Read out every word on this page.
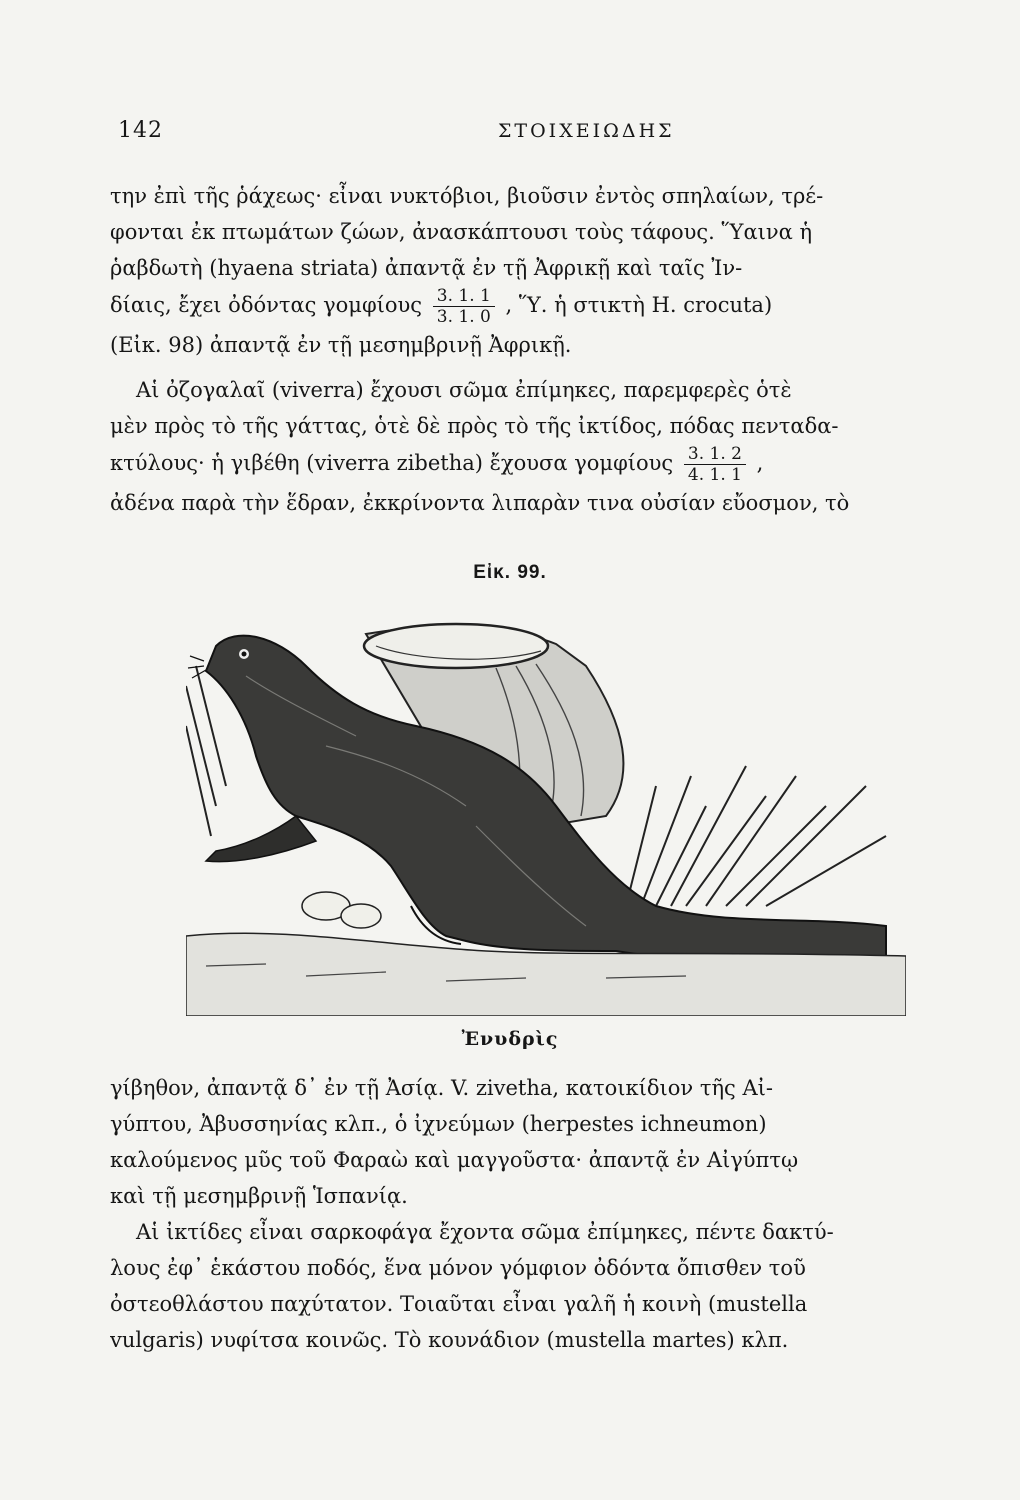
142	ΣΤΟΙΧΕΙΩΔΗΣ
την ἐπὶ τῆς ῥάχεως· εἶναι νυκτόβιοι, βιοῦσιν ἐντὸς σπηλαίων, τρέ-
φονται ἐκ πτωμάτων ζώων, ἀνασκάπτουσι τοὺς τάφους. Ὕαινα ἡ
ῥαβδωτὴ (hyaena striata) ἀπαντᾷ ἐν τῇ Ἀφρικῇ καὶ ταῖς Ἰν-
δίαις, ἔχει ὀδόντας γομφίους $\frac{3. 1. 1}{3. 1. 0}$ , Ὕ. ἡ στικτὴ Η. crocuta)
(Εἰκ. 98) ἀπαντᾷ ἐν τῇ μεσημβρινῇ Ἀφρικῇ.
Αἱ ὀζογαλαῖ (viverra) ἔχουσι σῶμα ἐπίμηκες, παρεμφερὲς ὁτὲ
μὲν πρὸς τὸ τῆς γάττας, ὁτὲ δὲ πρὸς τὸ τῆς ἰκτίδος, πόδας πενταδα-
κτύλους· ἡ γιβέθη (viverra zibetha) ἔχουσα γομφίους $\frac{3. 1. 2}{4. 1. 1}$ ,
ἀδένα παρὰ τὴν ἕδραν, ἐκκρίνοντα λιπαρὰν τινα οὐσίαν εὔοσμον, τὸ
Εἰκ. 99.
Ἐνυδρὶς
γίβηθον, ἀπαντᾷ δ᾽ ἐν τῇ Ἀσίᾳ. V. zivetha, κατοικίδιον τῆς Αἰ-
γύπτου, Ἀβυσσηνίας κλπ., ὁ ἰχνεύμων (herpestes ichneumon)
καλούμενος μῦς τοῦ Φαραὼ καὶ μαγγοῦστα· ἀπαντᾷ ἐν Αἰγύπτῳ
καὶ τῇ μεσημβρινῇ Ἱσπανίᾳ.
Αἱ ἰκτίδες εἶναι σαρκοφάγα ἔχοντα σῶμα ἐπίμηκες, πέντε δακτύ-
λους ἐφ᾽ ἑκάστου ποδός, ἕνα μόνον γόμφιον ὀδόντα ὄπισθεν τοῦ
ὀστεοθλάστου παχύτατον. Τοιαῦται εἶναι γαλῆ ἡ κοινὴ (mustella
vulgaris) νυφίτσα κοινῶς. Τὸ κουνάδιον (mustella martes) κλπ.
